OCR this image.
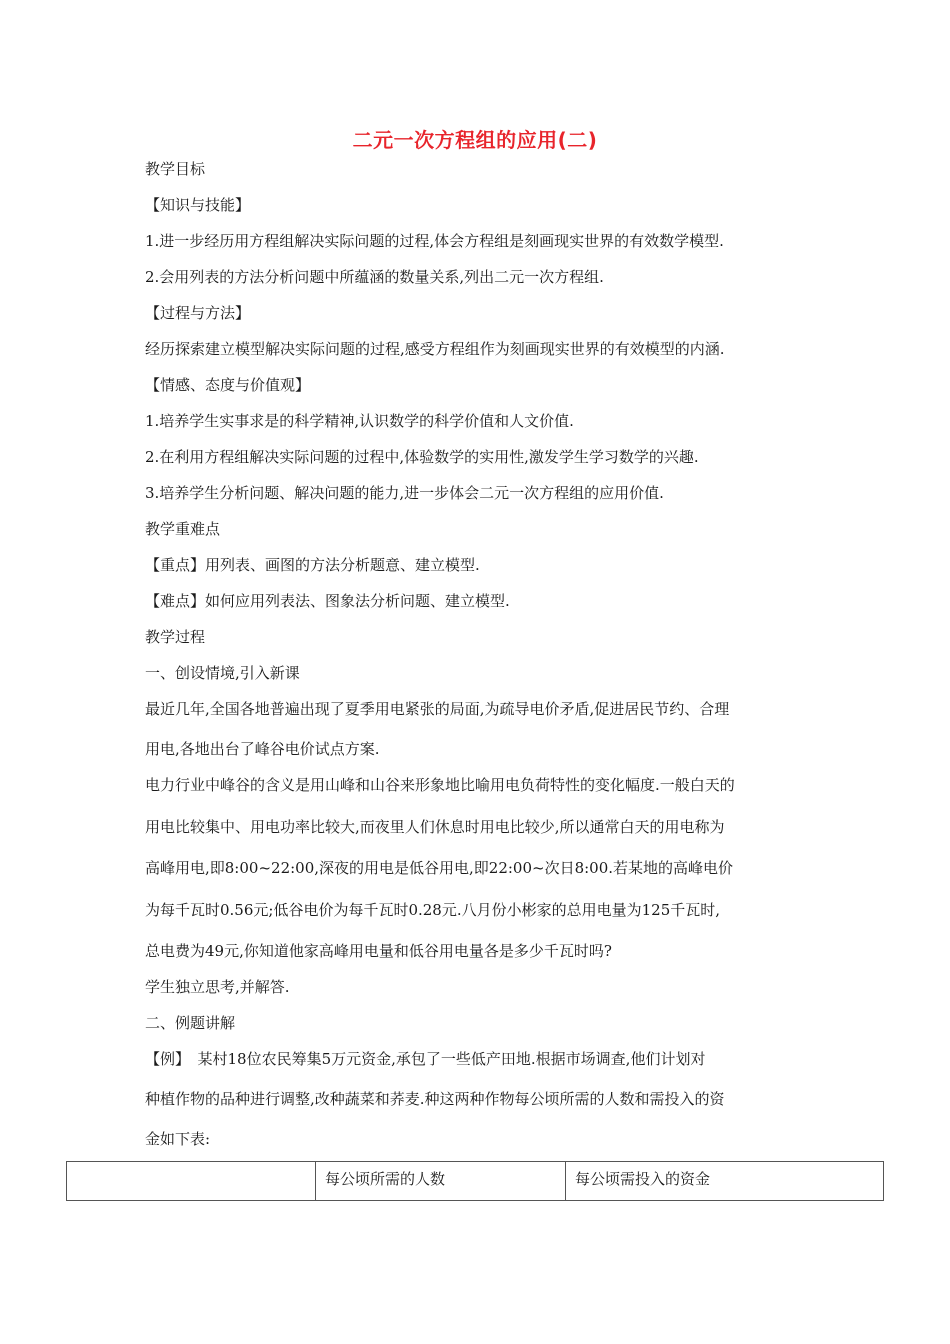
二元一次方程组的应用(二)
教学目标
【知识与技能】
1.进一步经历用方程组解决实际问题的过程,体会方程组是刻画现实世界的有效数学模型.
2.会用列表的方法分析问题中所蕴涵的数量关系,列出二元一次方程组.
【过程与方法】
经历探索建立模型解决实际问题的过程,感受方程组作为刻画现实世界的有效模型的内涵.
【情感、态度与价值观】
1.培养学生实事求是的科学精神,认识数学的科学价值和人文价值.
2.在利用方程组解决实际问题的过程中,体验数学的实用性,激发学生学习数学的兴趣.
3.培养学生分析问题、解决问题的能力,进一步体会二元一次方程组的应用价值.
教学重难点
【重点】用列表、画图的方法分析题意、建立模型.
【难点】如何应用列表法、图象法分析问题、建立模型.
教学过程
一、创设情境,引入新课
最近几年,全国各地普遍出现了夏季用电紧张的局面,为疏导电价矛盾,促进居民节约、合理
用电,各地出台了峰谷电价试点方案.
电力行业中峰谷的含义是用山峰和山谷来形象地比喻用电负荷特性的变化幅度.一般白天的
用电比较集中、用电功率比较大,而夜里人们休息时用电比较少,所以通常白天的用电称为
高峰用电,即8:00~22:00,深夜的用电是低谷用电,即22:00~次日8:00.若某地的高峰电价
为每千瓦时0.56元;低谷电价为每千瓦时0.28元.八月份小彬家的总用电量为125千瓦时,
总电费为49元,你知道他家高峰用电量和低谷用电量各是多少千瓦时吗?
学生独立思考,并解答.
二、例题讲解
【例】　某村18位农民筹集5万元资金,承包了一些低产田地.根据市场调查,他们计划对
种植作物的品种进行调整,改种蔬菜和荞麦.种这两种作物每公顷所需的人数和需投入的资
金如下表:
	每公顷所需的人数	每公顷需投入的资金
